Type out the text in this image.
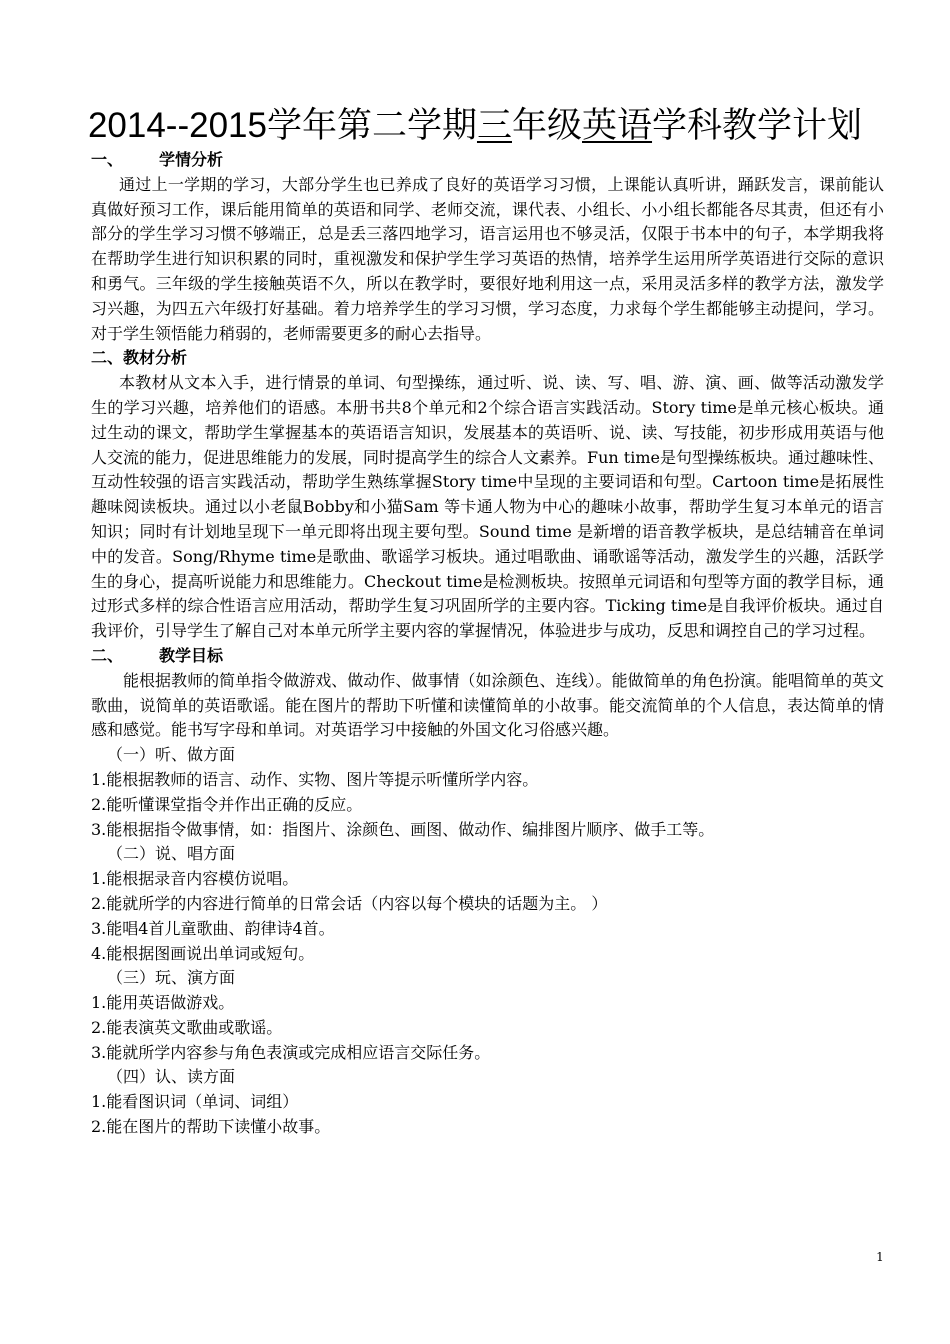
2014--2015学年第二学期三年级英语学科教学计划
一、 学情分析

通过上一学期的学习，大部分学生也已养成了良好的英语学习习惯，上课能认真听讲，踊跃发言，课前能认真做好预习工作，课后能用简单的英语和同学、老师交流，课代表、小组长、小小组长都能各尽其责，但还有小部分的学生学习习惯不够端正，总是丢三落四地学习，语言运用也不够灵活，仅限于书本中的句子，本学期我将在帮助学生进行知识积累的同时，重视激发和保护学生学习英语的热情，培养学生运用所学英语进行交际的意识和勇气。三年级的学生接触英语不久，所以在教学时，要很好地利用这一点，采用灵活多样的教学方法，激发学习兴趣，为四五六年级打好基础。着力培养学生的学习习惯，学习态度，力求每个学生都能够主动提问，学习。对于学生领悟能力稍弱的，老师需要更多的耐心去指导。

二、教材分析

本教材从文本入手，进行情景的单词、句型操练，通过听、说、读、写、唱、游、演、画、做等活动激发学生的学习兴趣，培养他们的语感。本册书共8个单元和2个综合语言实践活动。Story time是单元核心板块。通过生动的课文，帮助学生掌握基本的英语语言知识，发展基本的英语听、说、读、写技能，初步形成用英语与他人交流的能力，促进思维能力的发展，同时提高学生的综合人文素养。Fun time是句型操练板块。通过趣味性、互动性较强的语言实践活动，帮助学生熟练掌握Story time中呈现的主要词语和句型。Cartoon time是拓展性趣味阅读板块。通过以小老鼠Bobby和小猫Sam 等卡通人物为中心的趣味小故事，帮助学生复习本单元的语言知识；同时有计划地呈现下一单元即将出现主要句型。Sound time 是新增的语音教学板块，是总结辅音在单词中的发音。Song/Rhyme time是歌曲、歌谣学习板块。通过唱歌曲、诵歌谣等活动，激发学生的兴趣，活跃学生的身心，提高听说能力和思维能力。Checkout time是检测板块。按照单元词语和句型等方面的教学目标，通过形式多样的综合性语言应用活动，帮助学生复习巩固所学的主要内容。Ticking time是自我评价板块。通过自我评价，引导学生了解自己对本单元所学主要内容的掌握情况，体验进步与成功，反思和调控自己的学习过程。

二、 教学目标

能根据教师的简单指令做游戏、做动作、做事情（如涂颜色、连线）。能做简单的角色扮演。能唱简单的英文歌曲，说简单的英语歌谣。能在图片的帮助下听懂和读懂简单的小故事。能交流简单的个人信息，表达简单的情感和感觉。能书写字母和单词。对英语学习中接触的外国文化习俗感兴趣。

（一）听、做方面
1.能根据教师的语言、动作、实物、图片等提示听懂所学内容。
2.能听懂课堂指令并作出正确的反应。
3.能根据指令做事情，如：指图片、涂颜色、画图、做动作、编排图片顺序、做手工等。
（二）说、唱方面
1.能根据录音内容模仿说唱。
2.能就所学的内容进行简单的日常会话（内容以每个模块的话题为主。 ）
3.能唱4首儿童歌曲、韵律诗4首。
4.能根据图画说出单词或短句。
（三）玩、演方面
1.能用英语做游戏。
2.能表演英文歌曲或歌谣。
3.能就所学内容参与角色表演或完成相应语言交际任务。
（四）认、读方面
1.能看图识词（单词、词组）
2.能在图片的帮助下读懂小故事。
1
